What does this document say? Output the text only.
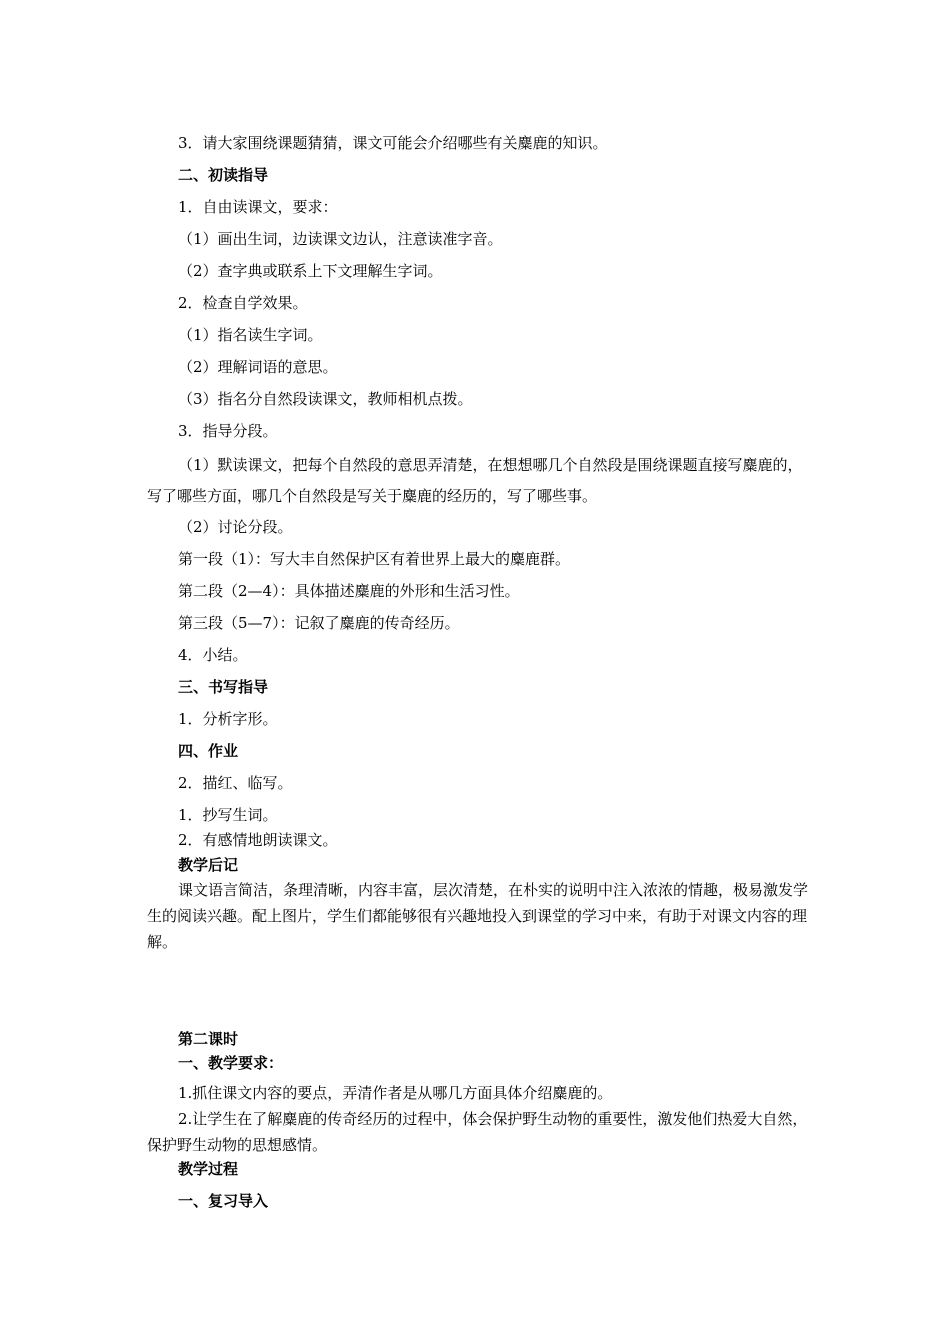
3．请大家围绕课题猜猜，课文可能会介绍哪些有关麋鹿的知识。

二、初读指导

1．自由读课文，要求：

（1）画出生词，边读课文边认，注意读准字音。

（2）查字典或联系上下文理解生字词。

2．检查自学效果。

（1）指名读生字词。

（2）理解词语的意思。

（3）指名分自然段读课文，教师相机点拨。

3．指导分段。

（1）默读课文，把每个自然段的意思弄清楚，在想想哪几个自然段是围绕课题直接写麋鹿的，写了哪些方面，哪几个自然段是写关于麋鹿的经历的，写了哪些事。

（2）讨论分段。

第一段（1）：写大丰自然保护区有着世界上最大的麋鹿群。

第二段（2—4）：具体描述麋鹿的外形和生活习性。

第三段（5—7）：记叙了麋鹿的传奇经历。

4．小结。

三、书写指导

1．分析字形。

四、作业

2．描红、临写。

1．抄写生词。

2．有感情地朗读课文。

教学后记

课文语言简洁，条理清晰，内容丰富，层次清楚，在朴实的说明中注入浓浓的情趣，极易激发学生的阅读兴趣。配上图片，学生们都能够很有兴趣地投入到课堂的学习中来，有助于对课文内容的理解。

第二课时

一、教学要求：

1.抓住课文内容的要点，弄清作者是从哪几方面具体介绍麋鹿的。

2.让学生在了解麋鹿的传奇经历的过程中，体会保护野生动物的重要性，激发他们热爱大自然，保护野生动物的思想感情。

教学过程

一、复习导入
